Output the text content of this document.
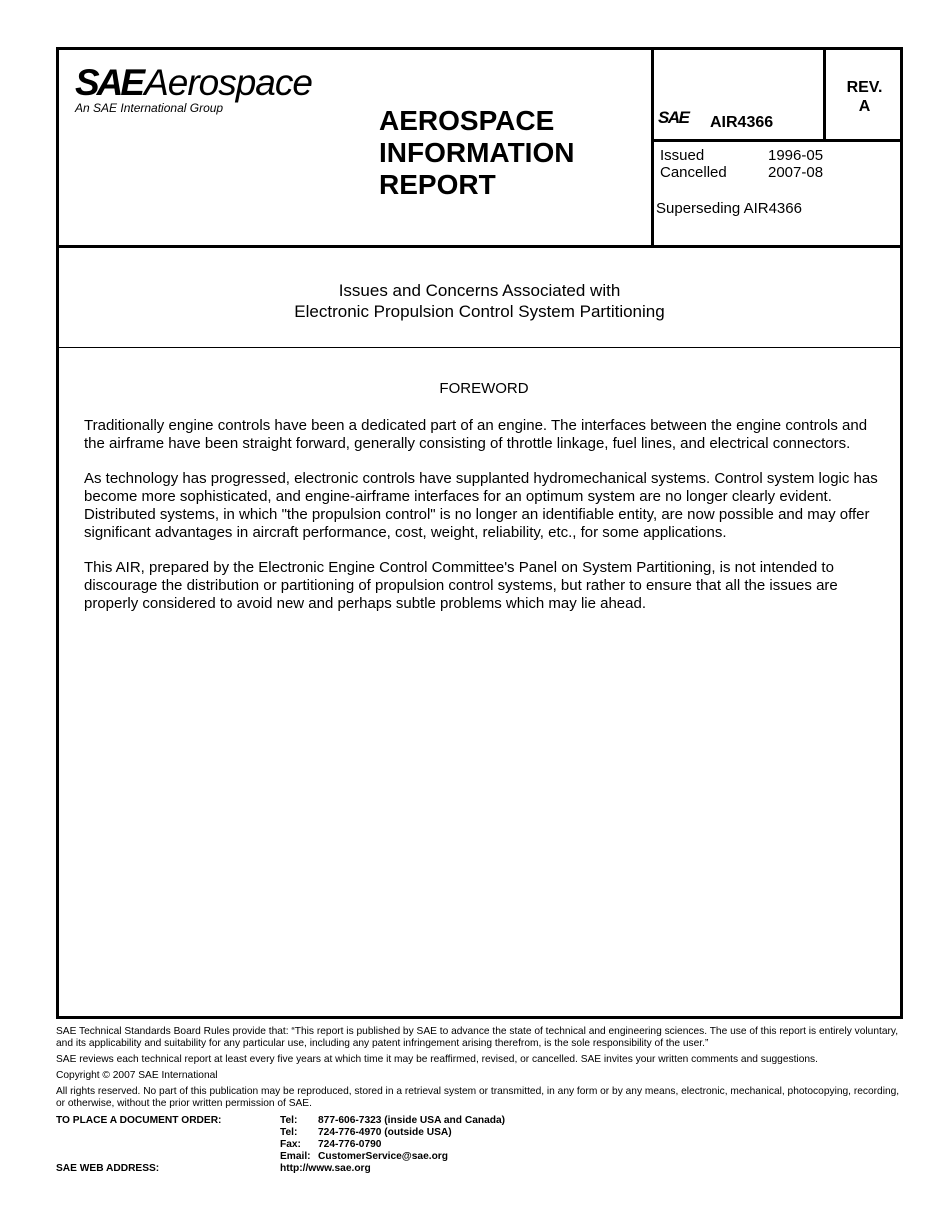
SAEAerospace
An SAE International Group	AEROSPACE
INFORMATION
REPORT
SAE AIR4366
REV.
A
Issued	1996-05
Cancelled	2007-08
Superseding AIR4366
Issues and Concerns Associated with
Electronic Propulsion Control System Partitioning
FOREWORD

Traditionally engine controls have been a dedicated part of an engine. The interfaces between the engine controls and the airframe have been straight forward, generally consisting of throttle linkage, fuel lines, and electrical connectors.

As technology has progressed, electronic controls have supplanted hydromechanical systems. Control system logic has become more sophisticated, and engine-airframe interfaces for an optimum system are no longer clearly evident. Distributed systems, in which "the propulsion control" is no longer an identifiable entity, are now possible and may offer significant advantages in aircraft performance, cost, weight, reliability, etc., for some applications.

This AIR, prepared by the Electronic Engine Control Committee's Panel on System Partitioning, is not intended to discourage the distribution or partitioning of propulsion control systems, but rather to ensure that all the issues are properly considered to avoid new and perhaps subtle problems which may lie ahead.

SAE Technical Standards Board Rules provide that: “This report is published by SAE to advance the state of technical and engineering sciences. The use of this report is entirely voluntary, and its applicability and suitability for any particular use, including any patent infringement arising therefrom, is the sole responsibility of the user.”

SAE reviews each technical report at least every five years at which time it may be reaffirmed, revised, or cancelled. SAE invites your written comments and suggestions.

Copyright © 2007 SAE International

All rights reserved. No part of this publication may be reproduced, stored in a retrieval system or transmitted, in any form or by any means, electronic, mechanical, photocopying, recording, or otherwise, without the prior written permission of SAE.

TO PLACE A DOCUMENT ORDER:	Tel:	877-606-7323 (inside USA and Canada)
Tel:	724-776-4970 (outside USA)
Fax:	724-776-0790
Email: CustomerService@sae.org
SAE WEB ADDRESS:	http://www.sae.org
